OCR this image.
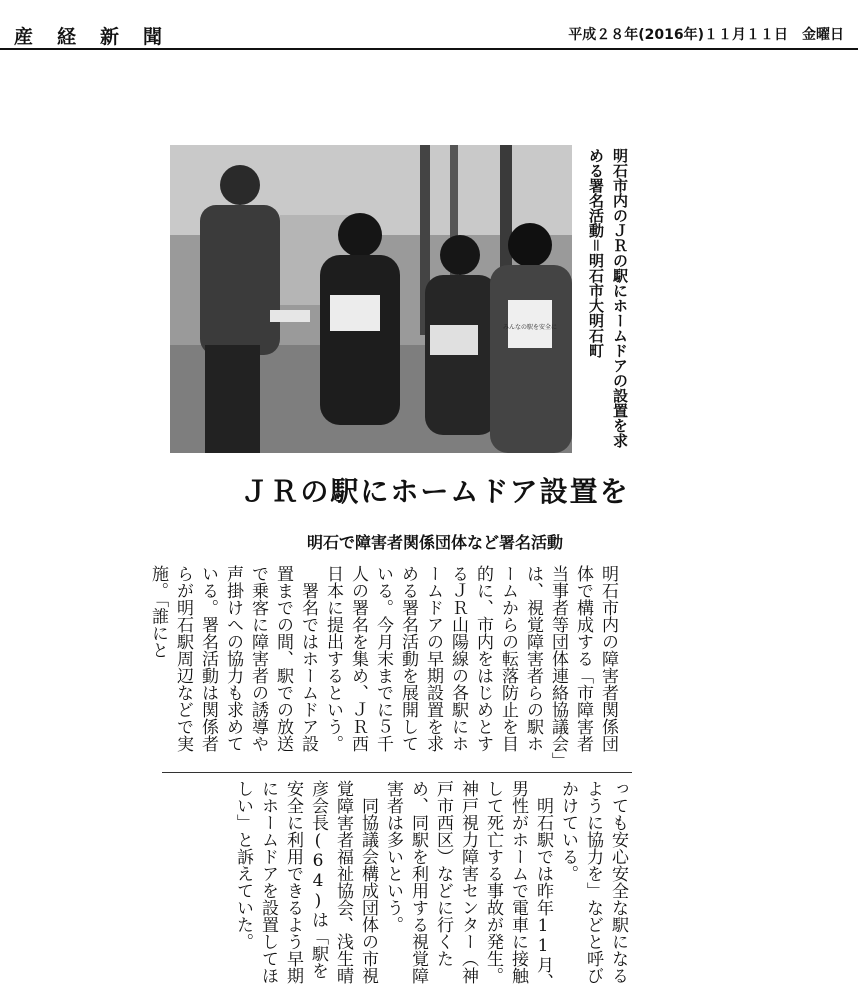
産経新聞	平成２８年(2016年)１１月１１日　金曜日
みんなの駅を安全に	明石市内のＪＲの駅にホームドアの設置を求める署名活動＝明石市大明石町
ＪＲの駅にホームドア設置を
明石で障害者関係団体など署名活動

明石市内の障害者関係団体で構成する「市障害者当事者等団体連絡協議会」は、視覚障害者らの駅ホームからの転落防止を目的に、市内をはじめとするＪＲ山陽線の各駅にホームドアの早期設置を求める署名活動を展開している。今月末までに５千人の署名を集め、ＪＲ西日本に提出するという。

署名ではホームドア設置までの間、駅での放送で乗客に障害者の誘導や声掛けへの協力も求めている。署名活動は関係者らが明石駅周辺などで実施。「誰にと

っても安心安全な駅になるように協力を」などと呼びかけている。

明石駅では昨年11月、男性がホームで電車に接触して死亡する事故が発生。神戸視力障害センター（神戸市西区）などに行くため、同駅を利用する視覚障害者は多いという。

同協議会構成団体の市視覚障害者福祉協会、浅生晴彦会長(64)は「駅を安全に利用できるよう早期にホームドアを設置してほしい」と訴えていた。
